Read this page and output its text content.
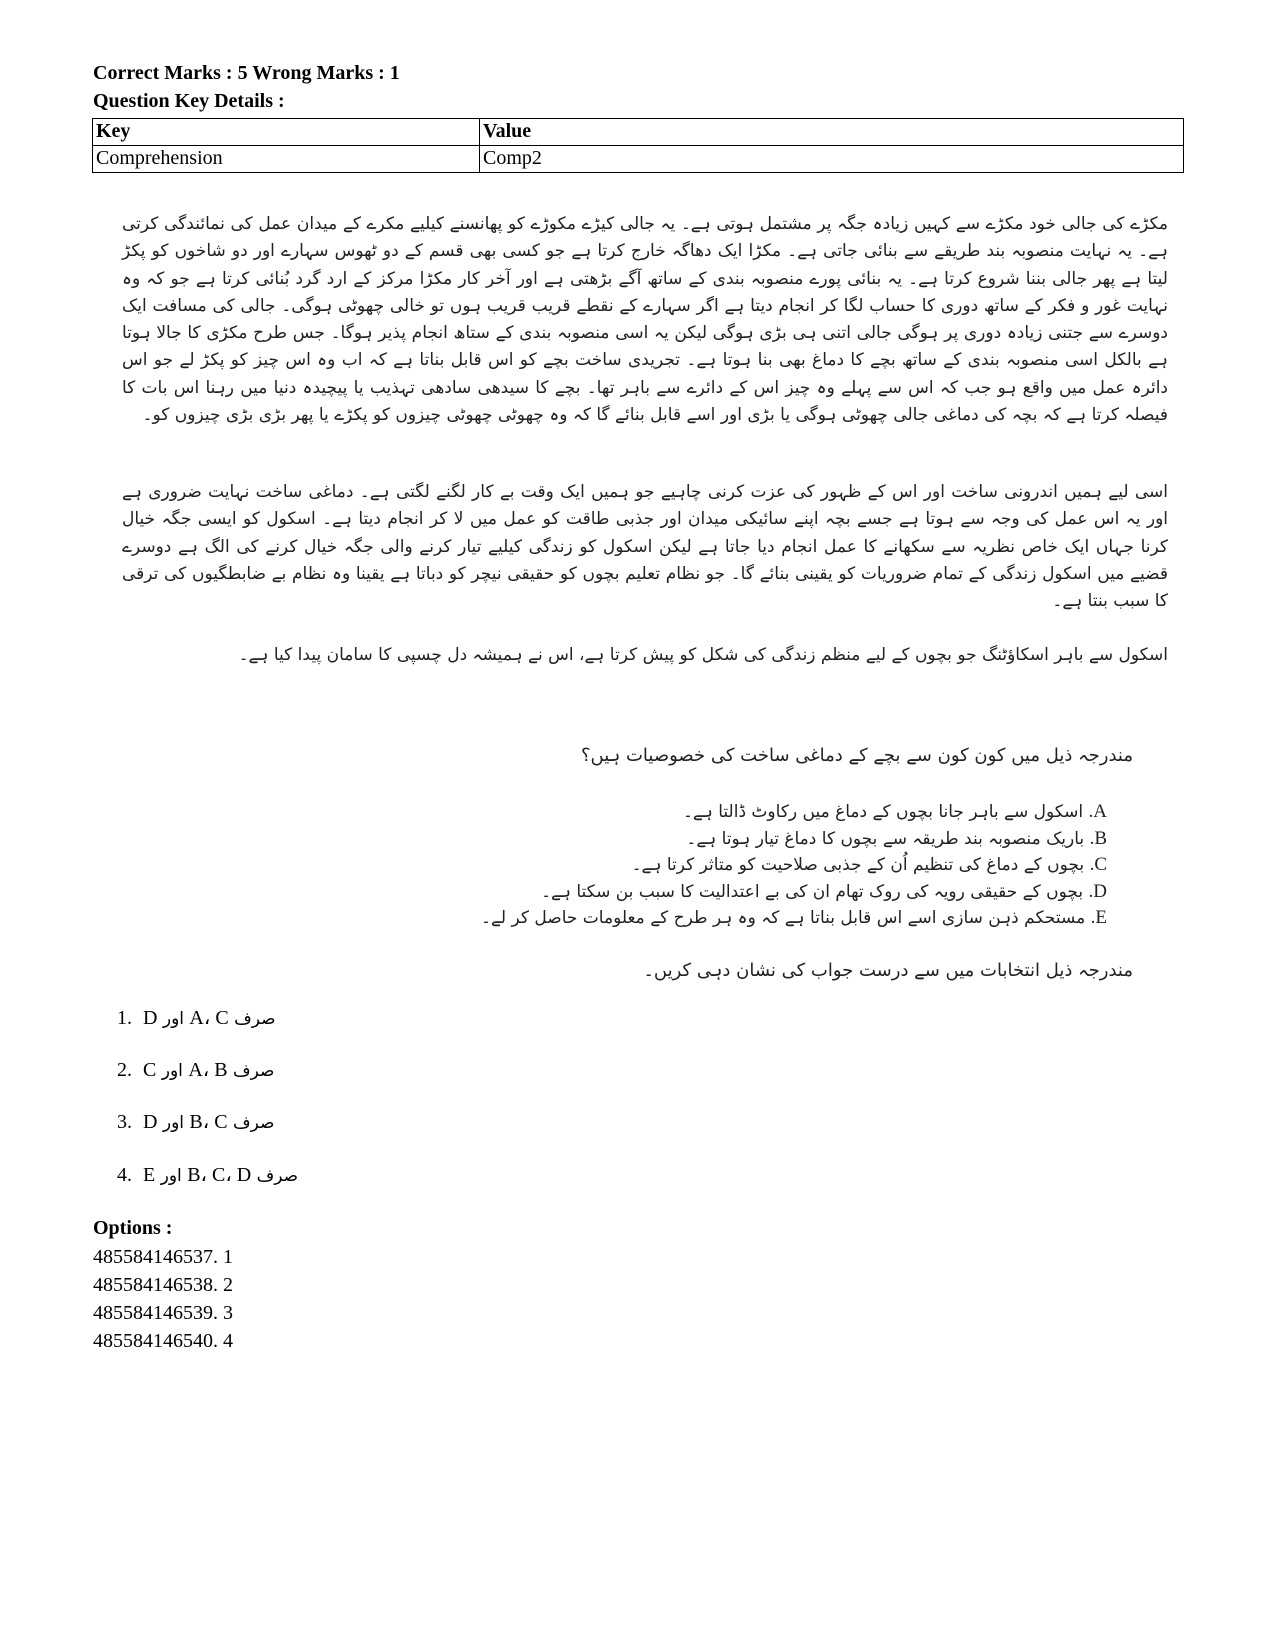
Correct Marks : 5 Wrong Marks : 1
Question Key Details :
Key	Value
Comprehension	Comp2
مکڑے کی جالی خود مکڑے سے کہیں زیادہ جگہ پر مشتمل ہوتی ہے۔ یہ جالی کیڑے مکوڑے کو پھانسنے کیلیے مکرے کے میدان عمل کی نمائندگی کرتی ہے۔ یہ نہایت منصوبہ بند طریقے سے بنائی جاتی ہے۔ مکڑا ایک دھاگہ خارج کرتا ہے جو کسی بھی قسم کے دو ٹھوس سہارے اور دو شاخوں کو پکڑ لیتا ہے پھر جالی بننا شروع کرتا ہے۔ یہ بنائی پورے منصوبہ بندی کے ساتھ آگے بڑھتی ہے اور آخر کار مکڑا مرکز کے ارد گرد بُنائی کرتا ہے جو کہ وہ نہایت غور و فکر کے ساتھ دوری کا حساب لگا کر انجام دیتا ہے اگر سہارے کے نقطے قریب قریب ہوں تو خالی چھوٹی ہوگی۔ جالی کی مسافت ایک دوسرے سے جتنی زیادہ دوری پر ہوگی جالی اتنی ہی بڑی ہوگی لیکن یہ اسی منصوبہ بندی کے ستاھ انجام پذیر ہوگا۔ جس طرح مکڑی کا جالا ہوتا ہے بالکل اسی منصوبہ بندی کے ساتھ بچے کا دماغ بھی بنا ہوتا ہے۔ تجریدی ساخت بچے کو اس قابل بناتا ہے کہ اب وہ اس چیز کو پکڑ لے جو اس دائرہ عمل میں واقع ہو جب کہ اس سے پہلے وہ چیز اس کے دائرے سے باہر تھا۔ بچے کا سیدھی سادھی تہذیب یا پیچیدہ دنیا میں رہنا اس بات کا فیصلہ کرتا ہے کہ بچہ کی دماغی جالی چھوٹی ہوگی یا بڑی اور اسے قابل بنائے گا کہ وہ چھوٹی چھوٹی چیزوں کو پکڑے یا پھر بڑی بڑی چیزوں کو۔
اسی لیے ہمیں اندرونی ساخت اور اس کے ظہور کی عزت کرنی چاہیے جو ہمیں ایک وقت بے کار لگنے لگتی ہے۔ دماغی ساخت نہایت ضروری ہے اور یہ اس عمل کی وجہ سے ہوتا ہے جسے بچہ اپنے سائیکی میدان اور جذبی طاقت کو عمل میں لا کر انجام دیتا ہے۔ اسکول کو ایسی جگہ خیال کرنا جہاں ایک خاص نظریہ سے سکھانے کا عمل انجام دیا جاتا ہے لیکن اسکول کو زندگی کیلیے تیار کرنے والی جگہ خیال کرنے کی الگ ہے دوسرے قضیے میں اسکول زندگی کے تمام ضروریات کو یقینی بنائے گا۔ جو نظام تعلیم بچوں کو حقیقی نیچر کو دباتا ہے یقینا وہ نظام بے ضابطگیوں کی ترقی کا سبب بنتا ہے۔
اسکول سے باہر اسکاؤٹنگ جو بچوں کے لیے منظم زندگی کی شکل کو پیش کرتا ہے، اس نے ہمیشہ دل چسپی کا سامان پیدا کیا ہے۔
مندرجہ ذیل میں کون کون سے بچے کے دماغی ساخت کی خصوصیات ہیں؟
A. اسکول سے باہر جانا بچوں کے دماغ میں رکاوٹ ڈالتا ہے۔
B. باریک منصوبہ بند طریقہ سے بچوں کا دماغ تیار ہوتا ہے۔
C. بچوں کے دماغ کی تنظیم اُن کے جذبی صلاحیت کو متاثر کرتا ہے۔
D. بچوں کے حقیقی رویہ کی روک تھام ان کی بے اعتدالیت کا سبب بن سکتا ہے۔
E. مستحکم ذہن سازی اسے اس قابل بناتا ہے کہ وہ ہر طرح کے معلومات حاصل کر لے۔
مندرجہ ذیل انتخابات میں سے درست جواب کی نشان دہی کریں۔
1.	صرف A، C اور D
2.	صرف A، B اور C
3.	صرف B، C اور D
4.	صرف B، C، D اور E
Options :
485584146537. 1
485584146538. 2
485584146539. 3
485584146540. 4
